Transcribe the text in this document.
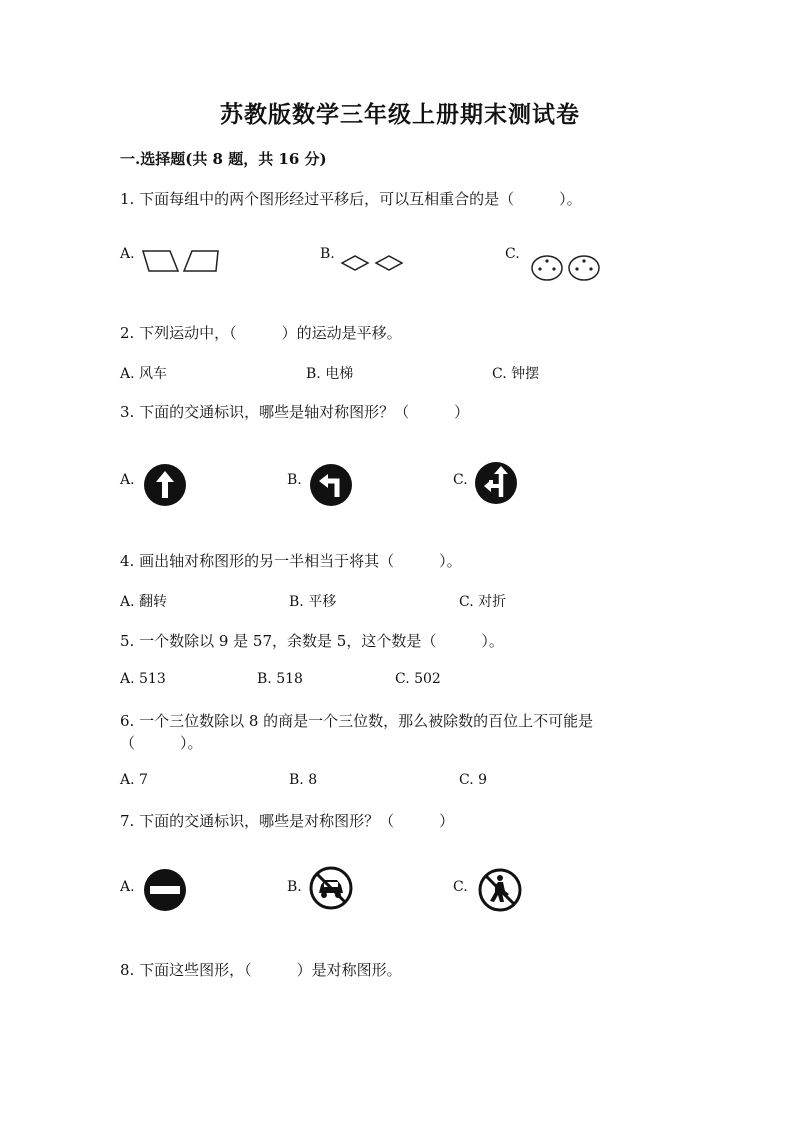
苏教版数学三年级上册期末测试卷
一.选择题(共 8 题，共 16 分)
1. 下面每组中的两个图形经过平移后，可以互相重合的是（　　　）。
A.	B.	C.
2. 下列运动中，（　　　）的运动是平移。
A. 风车	B. 电梯	C. 钟摆
3. 下面的交通标识，哪些是轴对称图形？（　　　）
A.	B.	C.
4. 画出轴对称图形的另一半相当于将其（　　　）。
A. 翻转	B. 平移	C. 对折
5. 一个数除以 9 是 57，余数是 5，这个数是（　　　）。
A. 513	B. 518	C. 502
6. 一个三位数除以 8 的商是一个三位数，那么被除数的百位上不可能是
（　　　）。
A. 7	B. 8	C. 9
7. 下面的交通标识，哪些是对称图形？（　　　）
A.	B.	C.
8. 下面这些图形，（　　　）是对称图形。
